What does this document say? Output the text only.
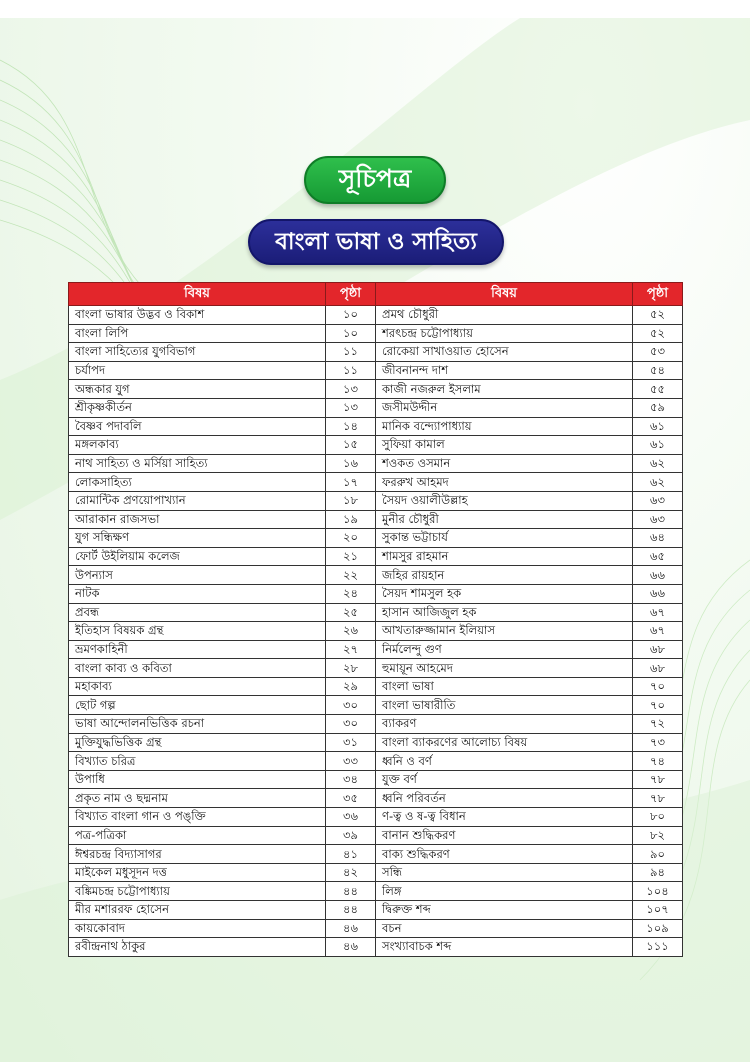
সূচিপত্র
বাংলা ভাষা ও সাহিত্য
বিষয়	পৃষ্ঠা	বিষয়	পৃষ্ঠা
বাংলা ভাষার উদ্ভব ও বিকাশ	১০	প্রমথ চৌধুরী	৫২
বাংলা লিপি	১০	শরৎচন্দ্র চট্টোপাধ্যায়	৫২
বাংলা সাহিত্যের যুগবিভাগ	১১	রোকেয়া সাখাওয়াত হোসেন	৫৩
চর্যাপদ	১১	জীবনানন্দ দাশ	৫৪
অন্ধকার যুগ	১৩	কাজী নজরুল ইসলাম	৫৫
শ্রীকৃষ্ণকীর্তন	১৩	জসীমউদ্দীন	৫৯
বৈষ্ণব পদাবলি	১৪	মানিক বন্দ্যোপাধ্যায়	৬১
মঙ্গলকাব্য	১৫	সুফিয়া কামাল	৬১
নাথ সাহিত্য ও মর্সিয়া সাহিত্য	১৬	শওকত ওসমান	৬২
লোকসাহিত্য	১৭	ফররুখ আহমদ	৬২
রোমান্টিক প্রণয়োপাখ্যান	১৮	সৈয়দ ওয়ালীউল্লাহ	৬৩
আরাকান রাজসভা	১৯	মুনীর চৌধুরী	৬৩
যুগ সন্ধিক্ষণ	২০	সুকান্ত ভট্টাচার্য	৬৪
ফোর্ট উইলিয়াম কলেজ	২১	শামসুর রাহমান	৬৫
উপন্যাস	২২	জহির রায়হান	৬৬
নাটক	২৪	সৈয়দ শামসুল হক	৬৬
প্রবন্ধ	২৫	হাসান আজিজুল হক	৬৭
ইতিহাস বিষয়ক গ্রন্থ	২৬	আখতারুজ্জামান ইলিয়াস	৬৭
ভ্রমণকাহিনী	২৭	নির্মলেন্দু গুণ	৬৮
বাংলা কাব্য ও কবিতা	২৮	হুমায়ূন আহমেদ	৬৮
মহাকাব্য	২৯	বাংলা ভাষা	৭০
ছোট গল্প	৩০	বাংলা ভাষারীতি	৭০
ভাষা আন্দোলনভিত্তিক রচনা	৩০	ব্যাকরণ	৭২
মুক্তিযুদ্ধভিত্তিক গ্রন্থ	৩১	বাংলা ব্যাকরণের আলোচ্য বিষয়	৭৩
বিখ্যাত চরিত্র	৩৩	ধ্বনি ও বর্ণ	৭৪
উপাধি	৩৪	যুক্ত বর্ণ	৭৮
প্রকৃত নাম ও ছদ্মনাম	৩৫	ধ্বনি পরিবর্তন	৭৮
বিখ্যাত বাংলা গান ও পঙ্‌ক্তি	৩৬	ণ-ত্ব ও ষ-ত্ব বিধান	৮০
পত্র-পত্রিকা	৩৯	বানান শুদ্ধিকরণ	৮২
ঈশ্বরচন্দ্র বিদ্যাসাগর	৪১	বাক্য শুদ্ধিকরণ	৯০
মাইকেল মধুসূদন দত্ত	৪২	সন্ধি	৯৪
বঙ্কিমচন্দ্র চট্টোপাধ্যায়	৪৪	লিঙ্গ	১০৪
মীর মশাররফ হোসেন	৪৪	দ্বিরুক্ত শব্দ	১০৭
কায়কোবাদ	৪৬	বচন	১০৯
রবীন্দ্রনাথ ঠাকুর	৪৬	সংখ্যাবাচক শব্দ	১১১
